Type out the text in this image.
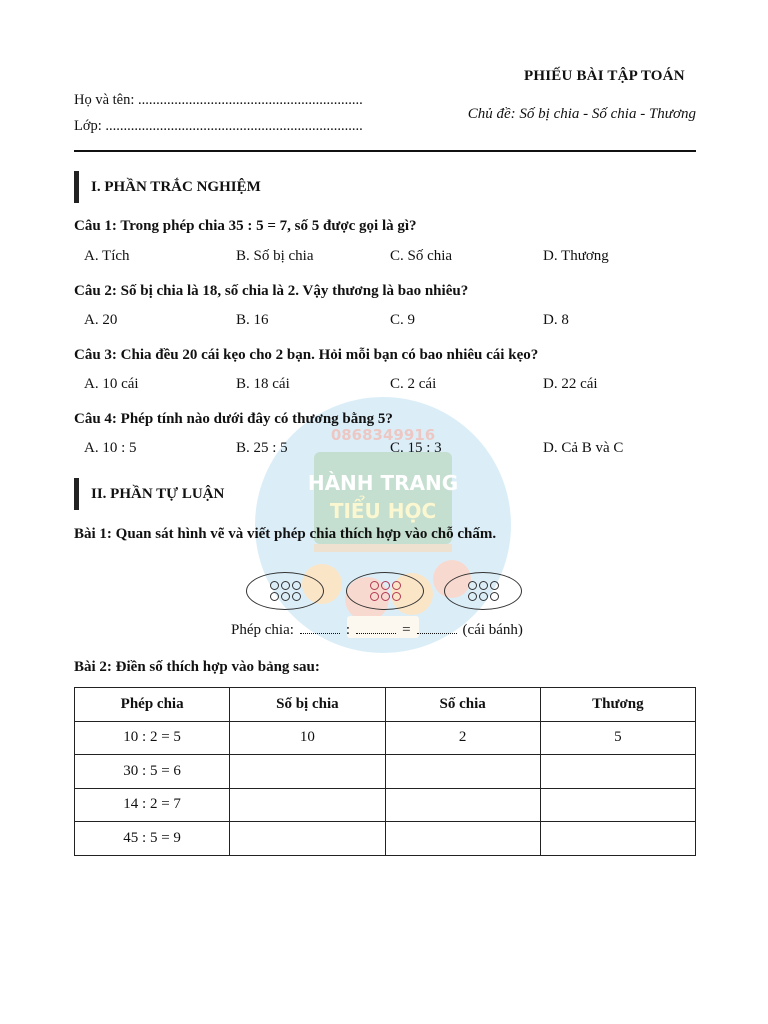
PHIẾU BÀI TẬP TOÁN
Họ và tên: ..............................................................
Lớp: .......................................................................
Chủ đề: Số bị chia - Số chia - Thương
0868349916
HÀNH TRANG
TIỂU HỌC
I. PHẦN TRẮC NGHIỆM
Câu 1: Trong phép chia 35 : 5 = 7, số 5 được gọi là gì?
A. Tích	B. Số bị chia	C. Số chia	D. Thương
Câu 2: Số bị chia là 18, số chia là 2. Vậy thương là bao nhiêu?
A. 20	B. 16	C. 9	D. 8
Câu 3: Chia đều 20 cái kẹo cho 2 bạn. Hỏi mỗi bạn có bao nhiêu cái kẹo?
A. 10 cái	B. 18 cái	C. 2 cái	D. 22 cái
Câu 4: Phép tính nào dưới đây có thương bằng 5?
A. 10 : 5	B. 25 : 5	C. 15 : 3	D. Cả B và C
II. PHẦN TỰ LUẬN
Bài 1: Quan sát hình vẽ và viết phép chia thích hợp vào chỗ chấm.
Phép chia:	:	=	(cái bánh)
Bài 2: Điền số thích hợp vào bảng sau:
Phép chia	Số bị chia	Số chia	Thương
10 : 2 = 5	10	2	5
30 : 5 = 6			
14 : 2 = 7			
45 : 5 = 9			
